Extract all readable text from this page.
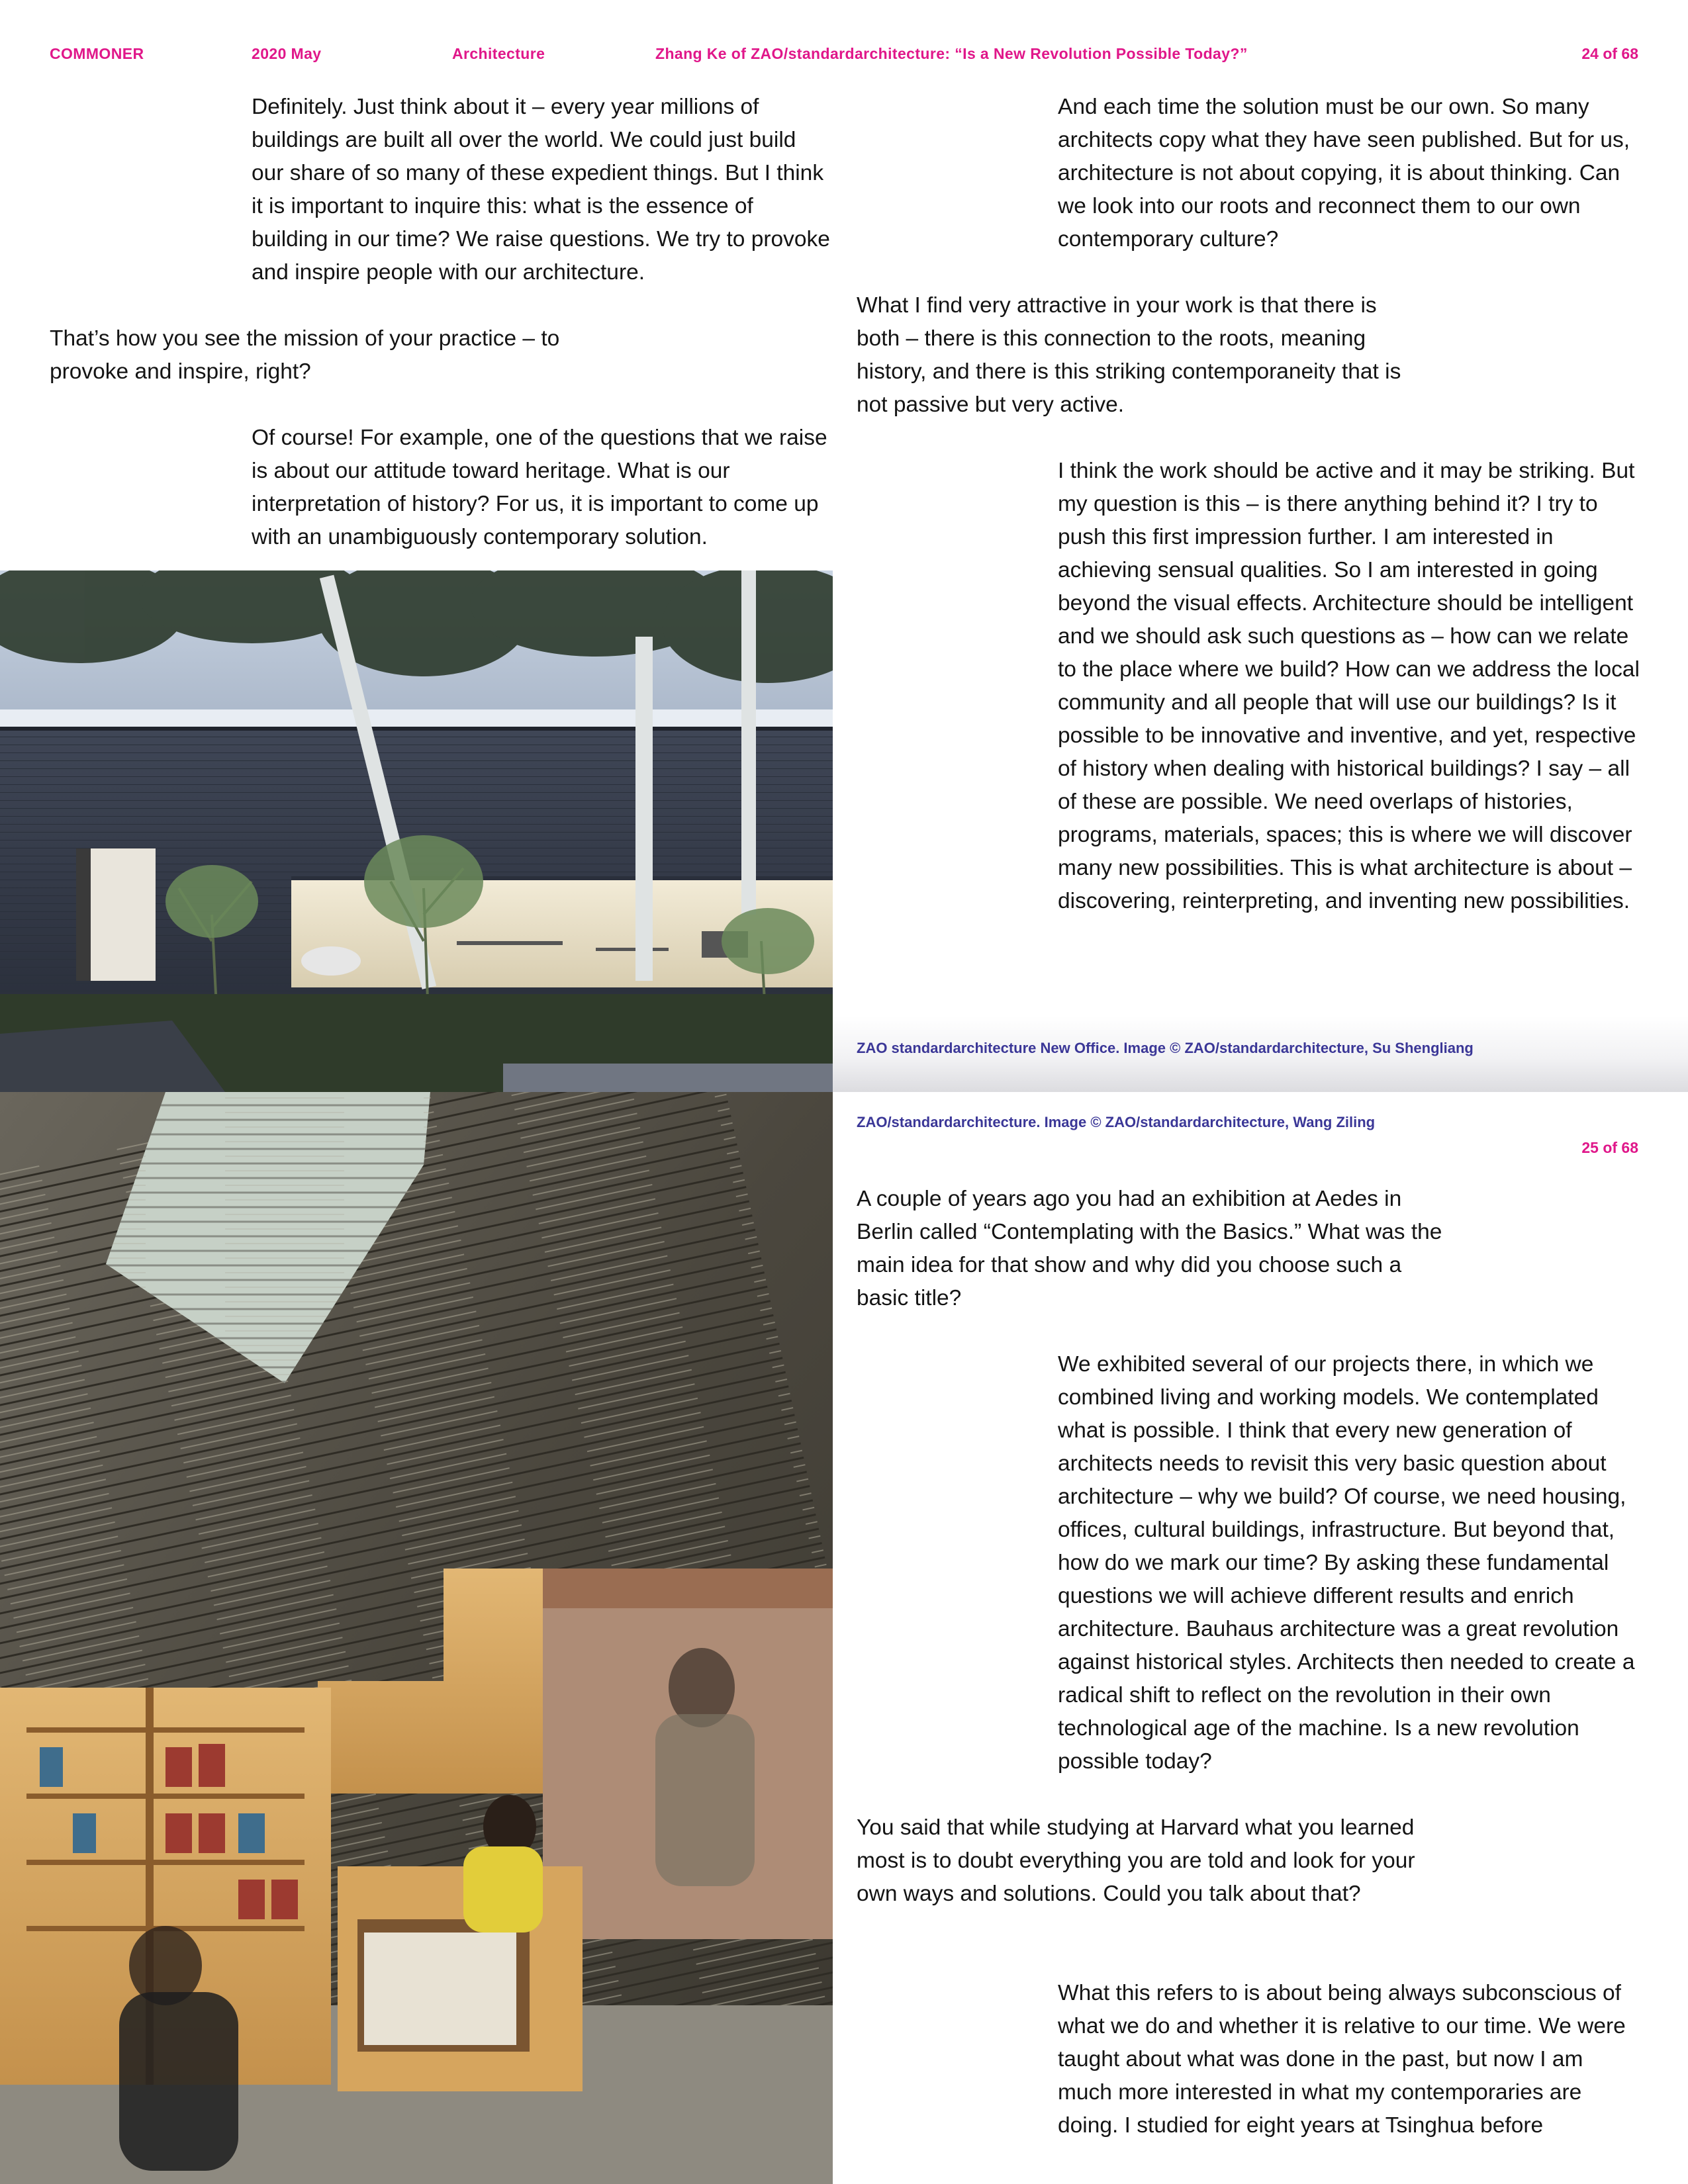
COMMONER	2020 May	Architecture	Zhang Ke of ZAO/standardarchitecture: “Is a New Revolution Possible Today?”	24 of 68
Definitely. Just think about it – every year millions of buildings are built all over the world. We could just build our share of so many of these expedient things. But I think it is important to inquire this: what is the essence of building in our time? We raise questions. We try to provoke and inspire people with our architecture.
That’s how you see the mission of your practice – to provoke and inspire, right?
Of course! For example, one of the questions that we raise is about our attitude toward heritage. What is our interpretation of history? For us, it is important to come up with an unambiguously contemporary solution.
And each time the solution must be our own. So many architects copy what they have seen published. But for us, architecture is not about copying, it is about thinking. Can we look into our roots and reconnect them to our own contemporary culture?
What I find very attractive in your work is that there is both – there is this connection to the roots, meaning history, and there is this striking contemporaneity that is not passive but very active.
I think the work should be active and it may be striking. But my question is this – is there anything behind it? I try to push this first impression further. I am interested in achieving sensual qualities. So I am interested in going beyond the visual effects. Architecture should be intelligent and we should ask such questions as – how can we relate to the place where we build? How can we address the local community and all people that will use our buildings? Is it possible to be innovative and inventive, and yet, respective of history when dealing with historical buildings? I say – all of these are possible. We need overlaps of histories, programs, materials, spaces; this is where we will discover many new possibilities. This is what architecture is about – discovering, reinterpreting, and inventing new possibilities.
ZAO standardarchitecture New Office. Image © ZAO/standardarchitecture, Su Shengliang
ZAO/standardarchitecture. Image © ZAO/standardarchitecture, Wang Ziling
25 of 68
A couple of years ago you had an exhibition at Aedes in Berlin called “Contemplating with the Basics.” What was the main idea for that show and why did you choose such a basic title?
We exhibited several of our projects there, in which we combined living and working models. We contemplated what is possible. I think that every new generation of architects needs to revisit this very basic question about architecture – why we build? Of course, we need housing, offices, cultural buildings, infrastructure. But beyond that, how do we mark our time? By asking these fundamental questions we will achieve different results and enrich architecture. Bauhaus architecture was a great revolution against historical styles. Architects then needed to create a radical shift to reflect on the revolution in their own technological age of the machine. Is a new revolution possible today?
You said that while studying at Harvard what you learned most is to doubt everything you are told and look for your own ways and solutions. Could you talk about that?
What this refers to is about being always subconscious of what we do and whether it is relative to our time. We were taught about what was done in the past, but now I am much more interested in what my contemporaries are doing. I studied for eight years at Tsinghua before
